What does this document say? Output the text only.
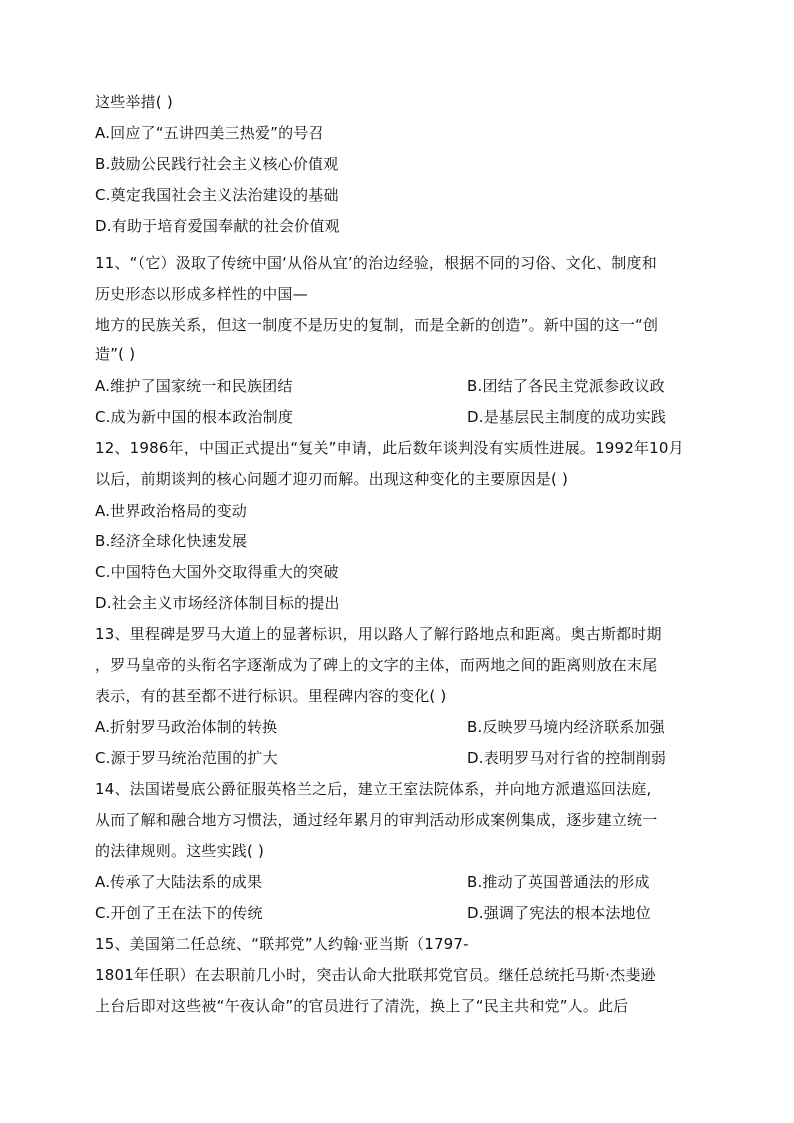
这些举措( )
A.回应了“五讲四美三热爱”的号召
B.鼓励公民践行社会主义核心价值观
C.奠定我国社会主义法治建设的基础
D.有助于培育爱国奉献的社会价值观
11、“（它）汲取了传统中国‘从俗从宜’的治边经验，根据不同的习俗、文化、制度和
历史形态以形成多样性的中国—
地方的民族关系，但这一制度不是历史的复制，而是全新的创造”。新中国的这一“创
造”( )
A.维护了国家统一和民族团结	B.团结了各民主党派参政议政
C.成为新中国的根本政治制度	D.是基层民主制度的成功实践
12、1986年，中国正式提出“复关”申请，此后数年谈判没有实质性进展。1992年10月
以后，前期谈判的核心问题才迎刃而解。出现这种变化的主要原因是( )
A.世界政治格局的变动
B.经济全球化快速发展
C.中国特色大国外交取得重大的突破
D.社会主义市场经济体制目标的提出
13、里程碑是罗马大道上的显著标识，用以路人了解行路地点和距离。奥古斯都时期
，罗马皇帝的头衔名字逐渐成为了碑上的文字的主体，而两地之间的距离则放在末尾
表示，有的甚至都不进行标识。里程碑内容的变化( )
A.折射罗马政治体制的转换	B.反映罗马境内经济联系加强
C.源于罗马统治范围的扩大	D.表明罗马对行省的控制削弱
14、法国诺曼底公爵征服英格兰之后，建立王室法院体系，并向地方派遣巡回法庭,
从而了解和融合地方习惯法，通过经年累月的审判活动形成案例集成，逐步建立统一
的法律规则。这些实践( )
A.传承了大陆法系的成果	B.推动了英国普通法的形成
C.开创了王在法下的传统	D.强调了宪法的根本法地位
15、美国第二任总统、“联邦党”人约翰·亚当斯（1797-
1801年任职）在去职前几小时，突击认命大批联邦党官员。继任总统托马斯·杰斐逊
上台后即对这些被“午夜认命”的官员进行了清洗，换上了“民主共和党”人。此后
